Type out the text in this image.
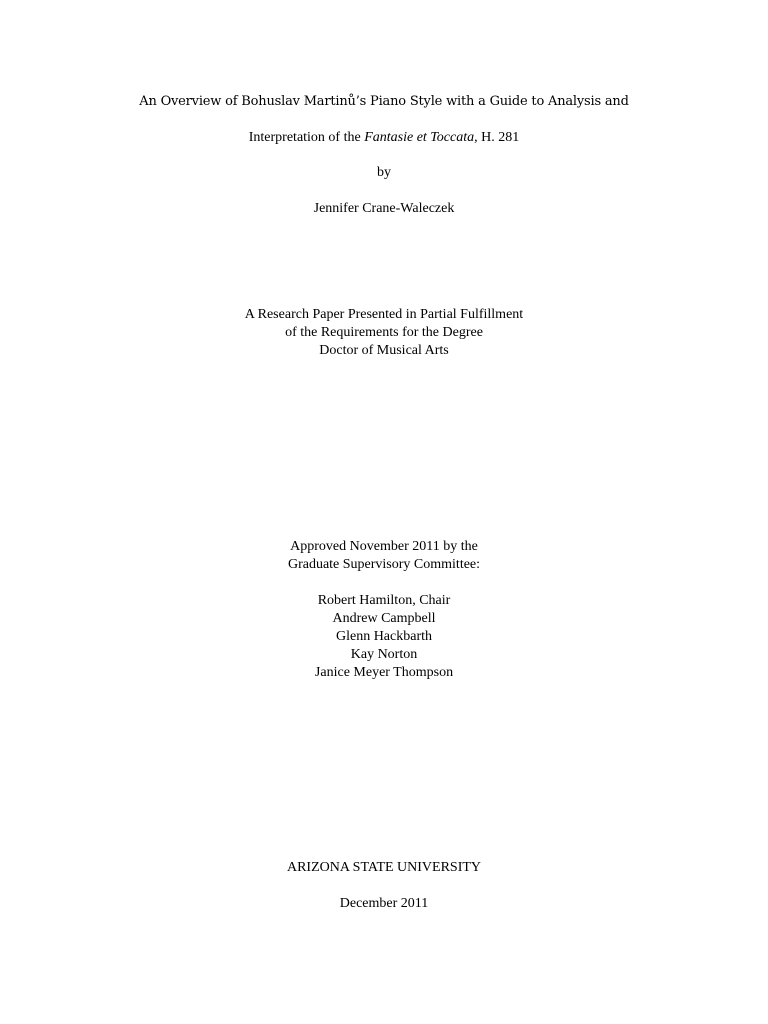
An Overview of Bohuslav Martinů’s Piano Style with a Guide to Analysis and
Interpretation of the Fantasie et Toccata, H. 281
by
Jennifer Crane-Waleczek
A Research Paper Presented in Partial Fulfillment
of the Requirements for the Degree
Doctor of Musical Arts
Approved November 2011 by the
Graduate Supervisory Committee:
Robert Hamilton, Chair
Andrew Campbell
Glenn Hackbarth
Kay Norton
Janice Meyer Thompson
ARIZONA STATE UNIVERSITY
December 2011
